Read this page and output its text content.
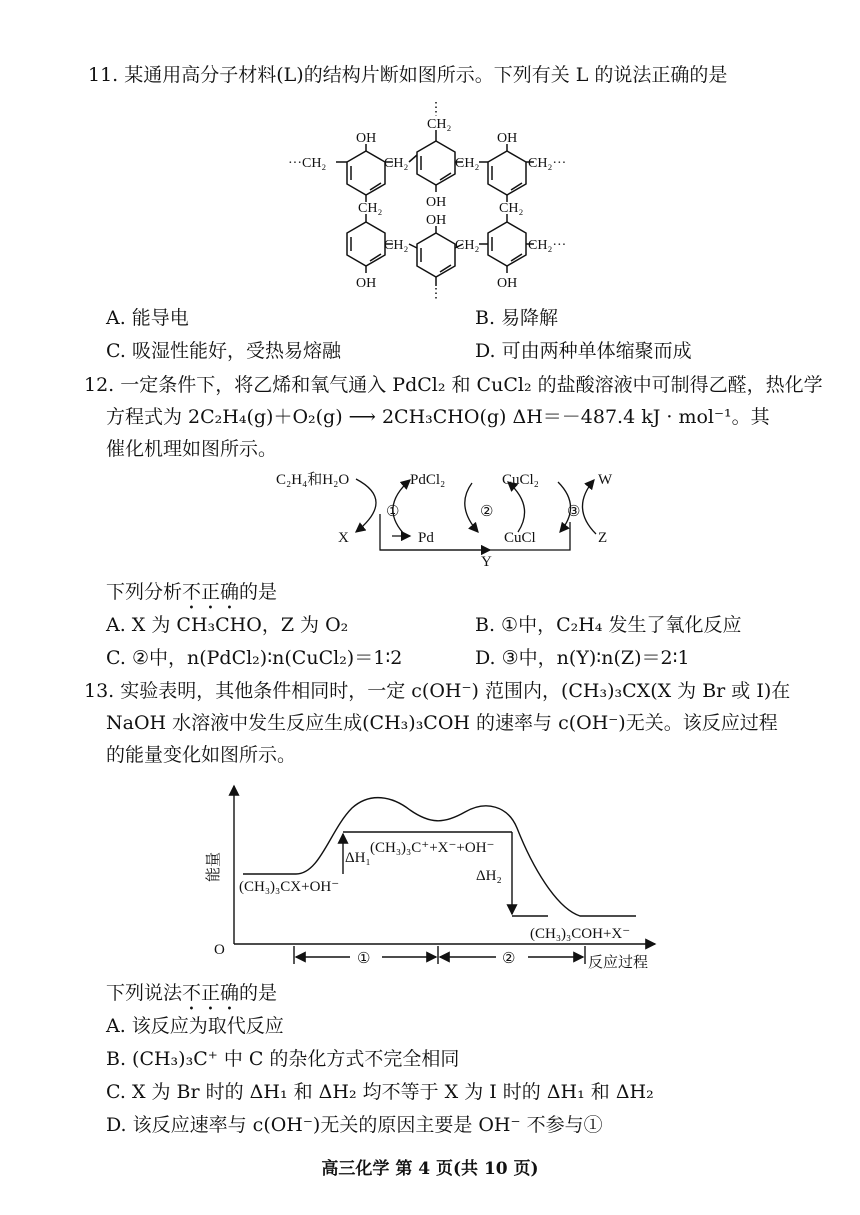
11. 某通用高分子材料(L)的结构片断如图所示。下列有关 L 的说法正确的是
OH
OH
OH
OH
OH
OH
CH₂
···CH₂	CH₂	CH₂	CH₂···
CH₂	CH₂
CH₂	CH₂	CH₂···
A. 能导电	B. 易降解
C. 吸湿性能好，受热易熔融	D. 可由两种单体缩聚而成
12. 一定条件下，将乙烯和氧气通入 PdCl₂ 和 CuCl₂ 的盐酸溶液中可制得乙醛，热化学
方程式为 2C₂H₄(g)＋O₂(g) ⟶ 2CH₃CHO(g) ΔH＝－487.4 kJ · mol⁻¹。其
催化机理如图所示。
C₂H₄和H₂O	PdCl₂	CuCl₂	W
Pd	CuCl
X	Z
Y
①	②	③
下列分析不正确的是
A. X 为 CH₃CHO，Z 为 O₂	B. ①中，C₂H₄ 发生了氧化反应
C. ②中，n(PdCl₂)∶n(CuCl₂)＝1∶2	D. ③中，n(Y)∶n(Z)＝2∶1
13. 实验表明，其他条件相同时，一定 c(OH⁻) 范围内，(CH₃)₃CX(X 为 Br 或 I)在
NaOH 水溶液中发生反应生成(CH₃)₃COH 的速率与 c(OH⁻)无关。该反应过程
的能量变化如图所示。
能量
O
(CH₃)₃CX+OH⁻
(CH₃)₃C⁺+X⁻+OH⁻
(CH₃)₃COH+X⁻
ΔH₁
ΔH₂
①	②	反应过程
下列说法不正确的是
A. 该反应为取代反应
B. (CH₃)₃C⁺ 中 C 的杂化方式不完全相同
C. X 为 Br 时的 ΔH₁ 和 ΔH₂ 均不等于 X 为 I 时的 ΔH₁ 和 ΔH₂
D. 该反应速率与 c(OH⁻)无关的原因主要是 OH⁻ 不参与①
高三化学 第 4 页(共 10 页)
